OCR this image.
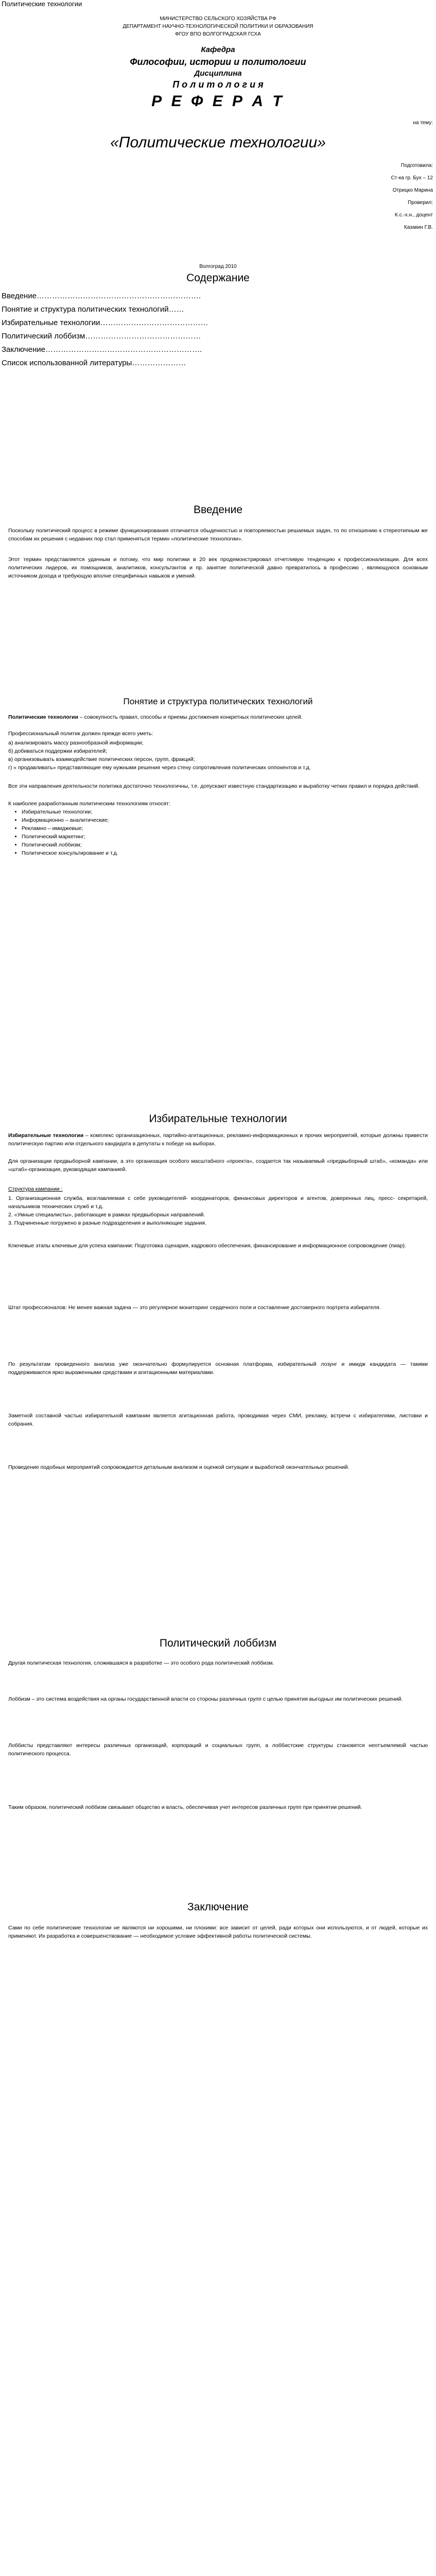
Политические технологии
МИНИСТЕРСТВО СЕЛЬСКОГО ХОЗЯЙСТВА РФ
ДЕПАРТАМЕНТ НАУЧНО-ТЕХНОЛОГИЧЕСКОЙ ПОЛИТИКИ И ОБРАЗОВАНИЯ
ФГОУ ВПО ВОЛГОГРАДСКАЯ ГСХА
Кафедра
Философии, истории и политологии
Дисциплина
П о л и т о л о г и я
Р Е Ф Е Р А Т
на тему:
«Политические технологии»
Подготовила:
Ст-ка гр. Бух – 12
Отрицко Марина
Проверил:
К.с.-х.н., доцент
Казакин Г.В.
Волгоград 2010
Содержание
Введение……………………………………………………….
Понятие и структура политических технологий……
Избирательные технологии……………………………………
Политический лоббизм………………………………………
Заключение…………………………………………………….
Список использованной литературы…………………
Введение

Поскольку политический процесс в режиме функционирования отличается обыденностью и повторяемостью решаемых задач, то по отношению к стереотипным же способам их решения с недавних пор стал применяться термин «политические технологии».

Этот термин представляется удачным и потому, что мир политики в 20 век продемонстрировал отчетливую тенденцию к профессионализации. Для всех политических лидеров, их помощников, аналитиков, консультантов и пр. занятие политической давно превратилось в профессию , являющуюся основным источником дохода и требующую вполне специфичных навыков и умений.

Понятие и структура политических технологий

Политические технологии – совокупность правил, способы и приемы достижения конкретных политических целей.

Профессиональный политик должен прежде всего уметь:

а) анализировать массу разнообразной информации;
б) добиваться поддержки избирателей;
в) организовывать взаимодействие политических персон, групп, фракций;
г) « продавливать» представляющие ему нужными решения через стену сопротивления политических оппонентов и т.д.

Все эти направления деятельности политика достаточно технологичны, т.е. допускают известную стандартизацию и выработку четких правил и порядка действий.

К наиболее разработанным политическим технологиям относят:

• Избирательные технологии;
• Информационно – аналитические;
• Рекламно – имиджевые;
• Политический маркетинг;
• Политический лоббизм;
• Политическое консультирование и т.д.
Избирательные технологии

Избирательные технологии – комплекс организационных, партийно-агитационных, рекламно-информационных и прочих мероприятий, которые должны привести политическую партию или отдельного кандидата в депутаты к победе на выборах.

Для организации предвыборной кампании, а это организация особого масштабного «проекта», создается так называемый «предвыборный штаб», «команда» или «штаб»-организация, руководящая кампанией.

Структура кампании :

1. Организационная служба, возглавляемая с себе руководителей- координаторов, финансовых директоров и агентов, доверенных лиц, пресс- секретарей, начальников технических служб и т.д.
2. «Умные специалисты», работающие в рамках предвыборных направлений.
3. Подчиненные погружено в разные подразделения и выполняющие задания.

Ключевые этапы ключевые для успеха кампании: Подготовка сценария, кадрового обеспечения, финансирование и информационное сопровождение (пиар).

Штат профессионалов: Не менее важная задача — это регулярное мониторинг сердечного поля и составление достоверного портрета избирателя.

По результатам проведенного анализа уже окончательно формулируется основная платформа, избирательный лозунг и имидж кандидата — такими поддерживаются ярко выраженными средствами и агитационными материалами.

Заметной составной частью избирательной кампании является агитационная работа, проводимая через СМИ, рекламу, встречи с избирателями, листовки и собрания.

Проведение подобных мероприятий сопровождается детальным анализом и оценкой ситуации и выработкой окончательных решений.

Политический лоббизм

Другая политическая технология, сложившаяся в разработке — это особого рода политический лоббизм.

Лоббизм – это система воздействия на органы государственной власти со стороны различных групп с целью принятия выгодных им политических решений.

Лоббисты представляют интересы различных организаций, корпораций и социальных групп, а лоббистские структуры становятся неотъемлемой частью политического процесса.

Таким образом, политический лоббизм связывает общество и власть, обеспечивая учет интересов различных групп при принятии решений.

Заключение

Сами по себе политические технологии не являются ни хорошими, ни плохими: все зависит от целей, ради которых они используются, и от людей, которые их применяют. Их разработка и совершенствование — необходимое условие эффективной работы политической системы.
